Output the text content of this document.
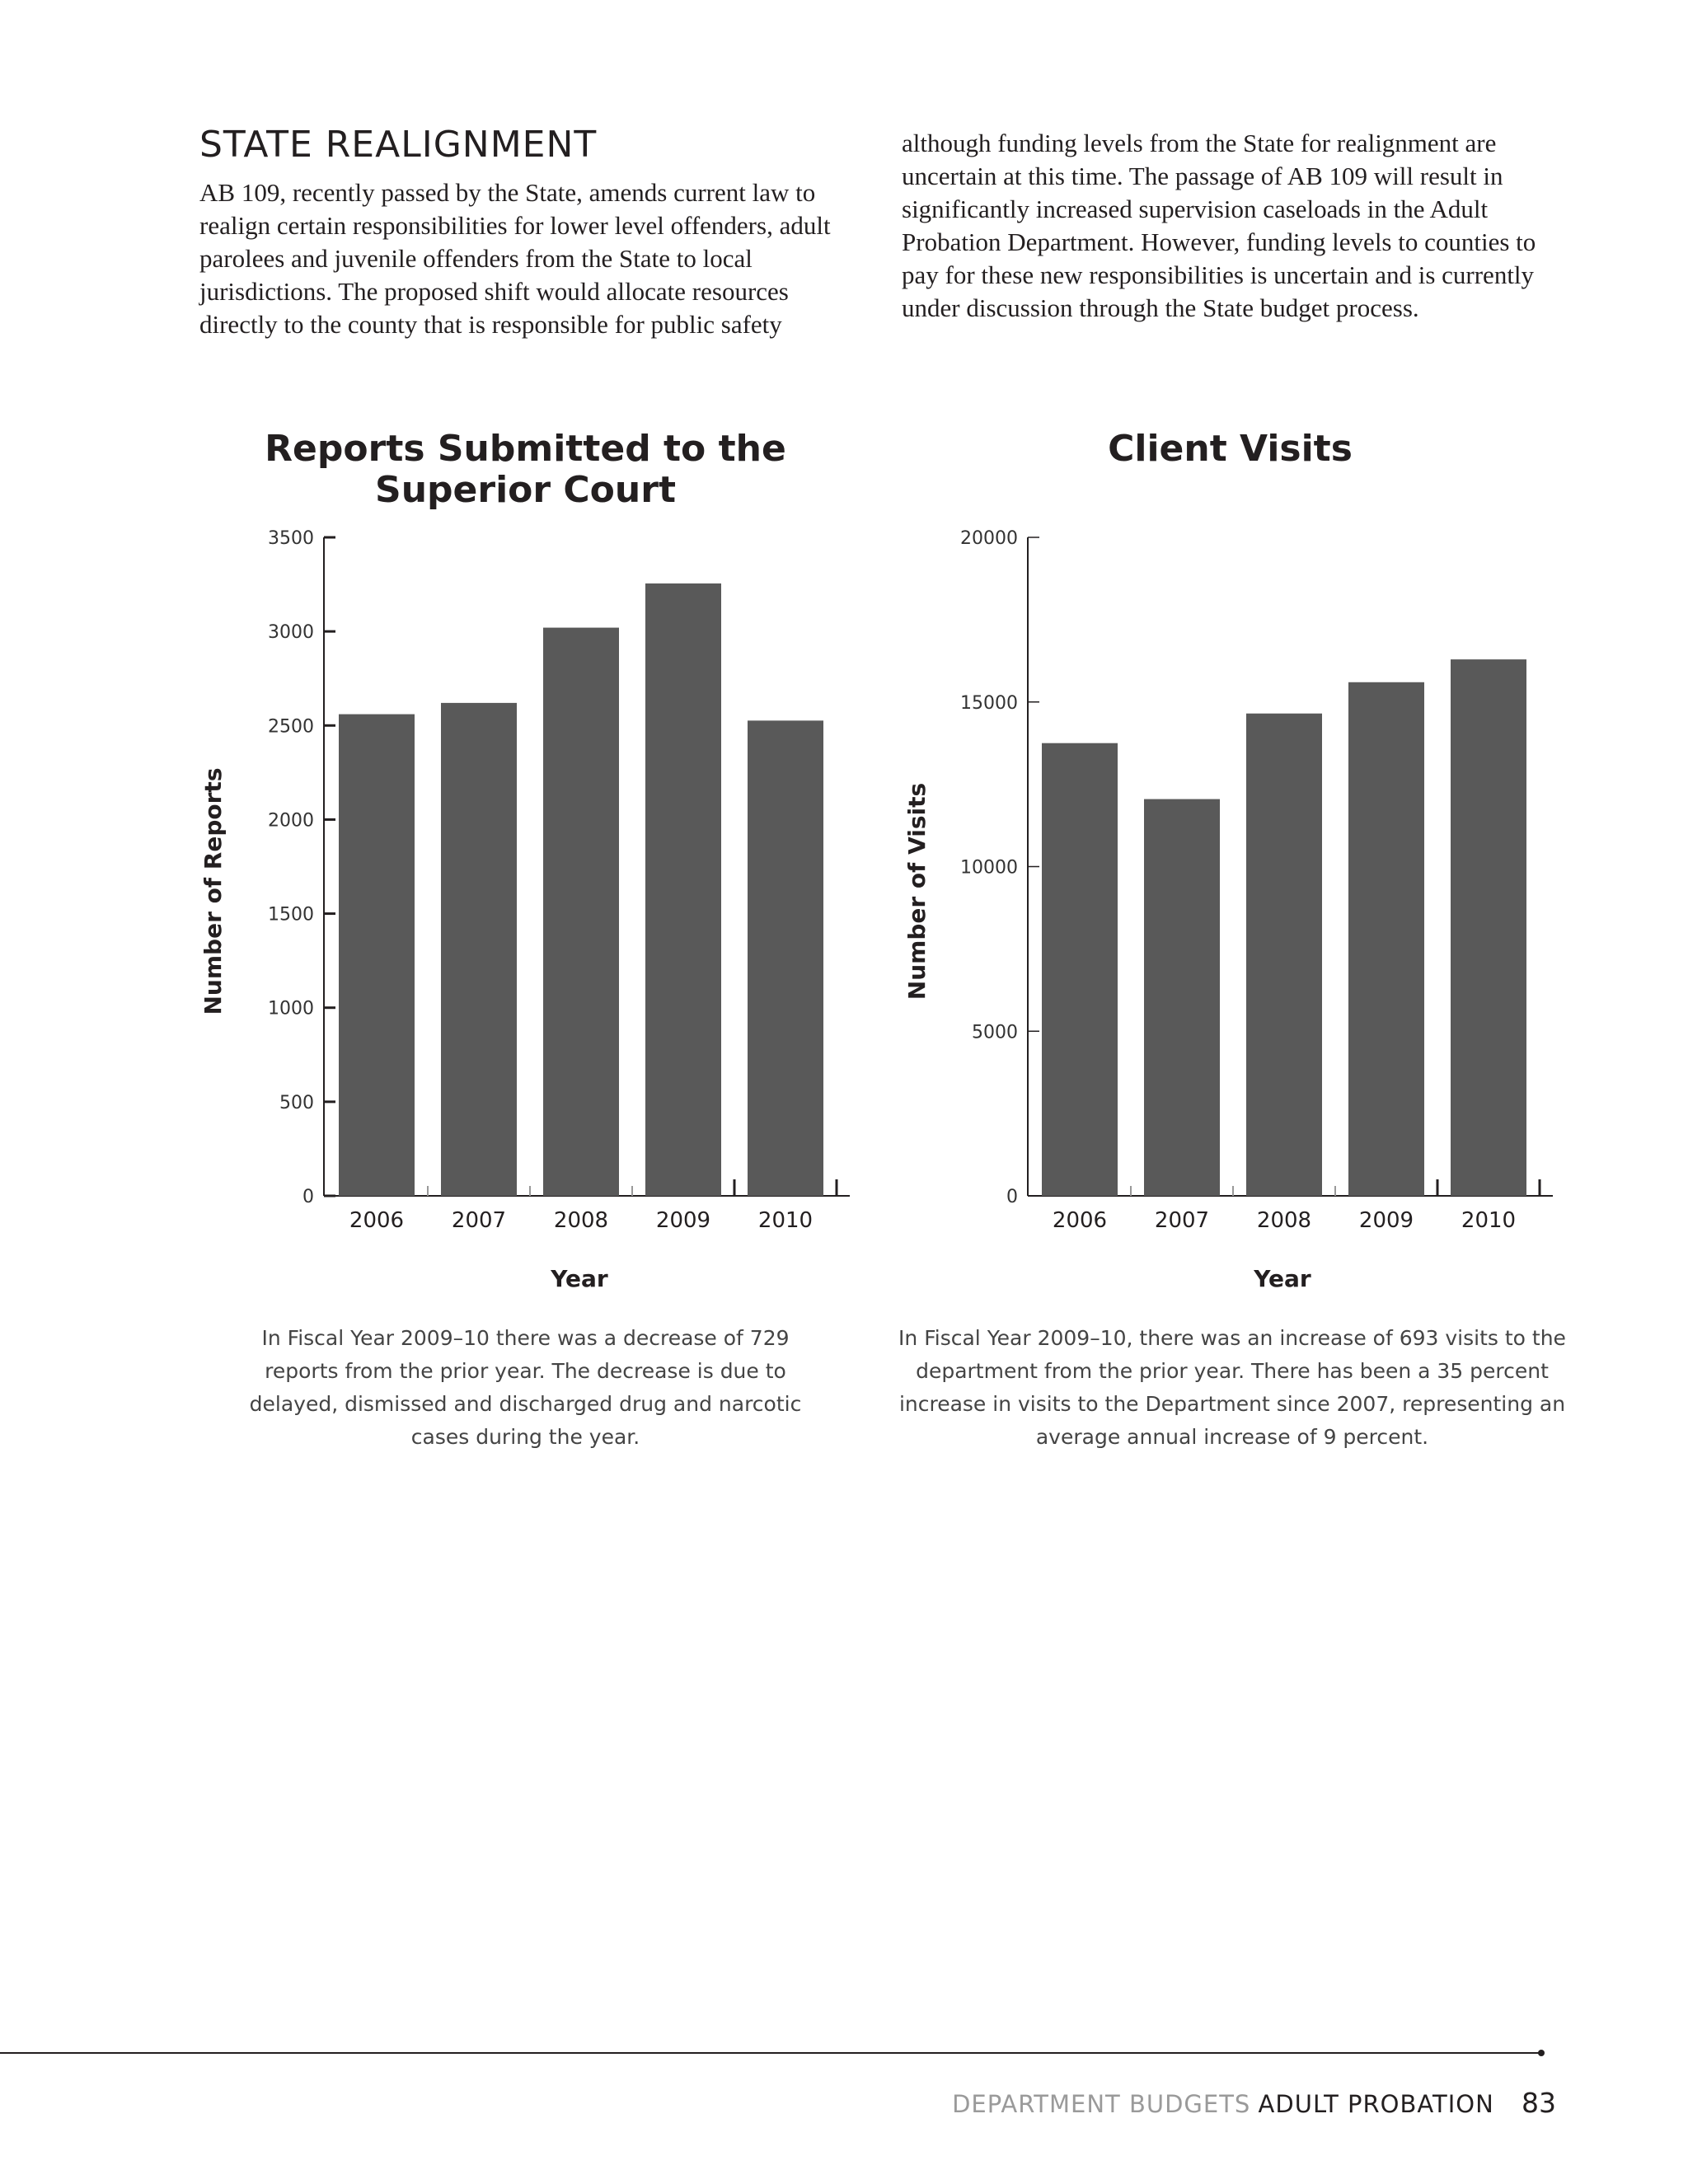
STATE REALIGNMENT

AB 109, recently passed by the State, amends current law to realign certain responsibilities for lower level offenders, adult parolees and juvenile offenders from the State to local jurisdictions. The proposed shift would allocate resources directly to the county that is responsible for public safety

although funding levels from the State for realignment are uncertain at this time. The passage of AB 109 will result in significantly increased supervision caseloads in the Adult Probation Department. However, funding levels to counties to pay for these new responsibilities is uncertain and is currently under discussion through the State budget process.

Reports Submitted to the Superior Court
Client Visits
0
500
1000
1500
2000
2500
3000
3500
2006 2007 2008 2009 2010
Year
Number of Reports
0
5000
10000
15000
20000
2006 2007 2008 2009 2010
Year
Number of Visits

In Fiscal Year 2009–10 there was a decrease of 729 reports from the prior year. The decrease is due to delayed, dismissed and discharged drug and narcotic cases during the year.

In Fiscal Year 2009–10, there was an increase of 693 visits to the department from the prior year. There has been a 35 percent increase in visits to the Department since 2007, representing an average annual increase of 9 percent.

DEPARTMENT BUDGETS ADULT PROBATION 83
